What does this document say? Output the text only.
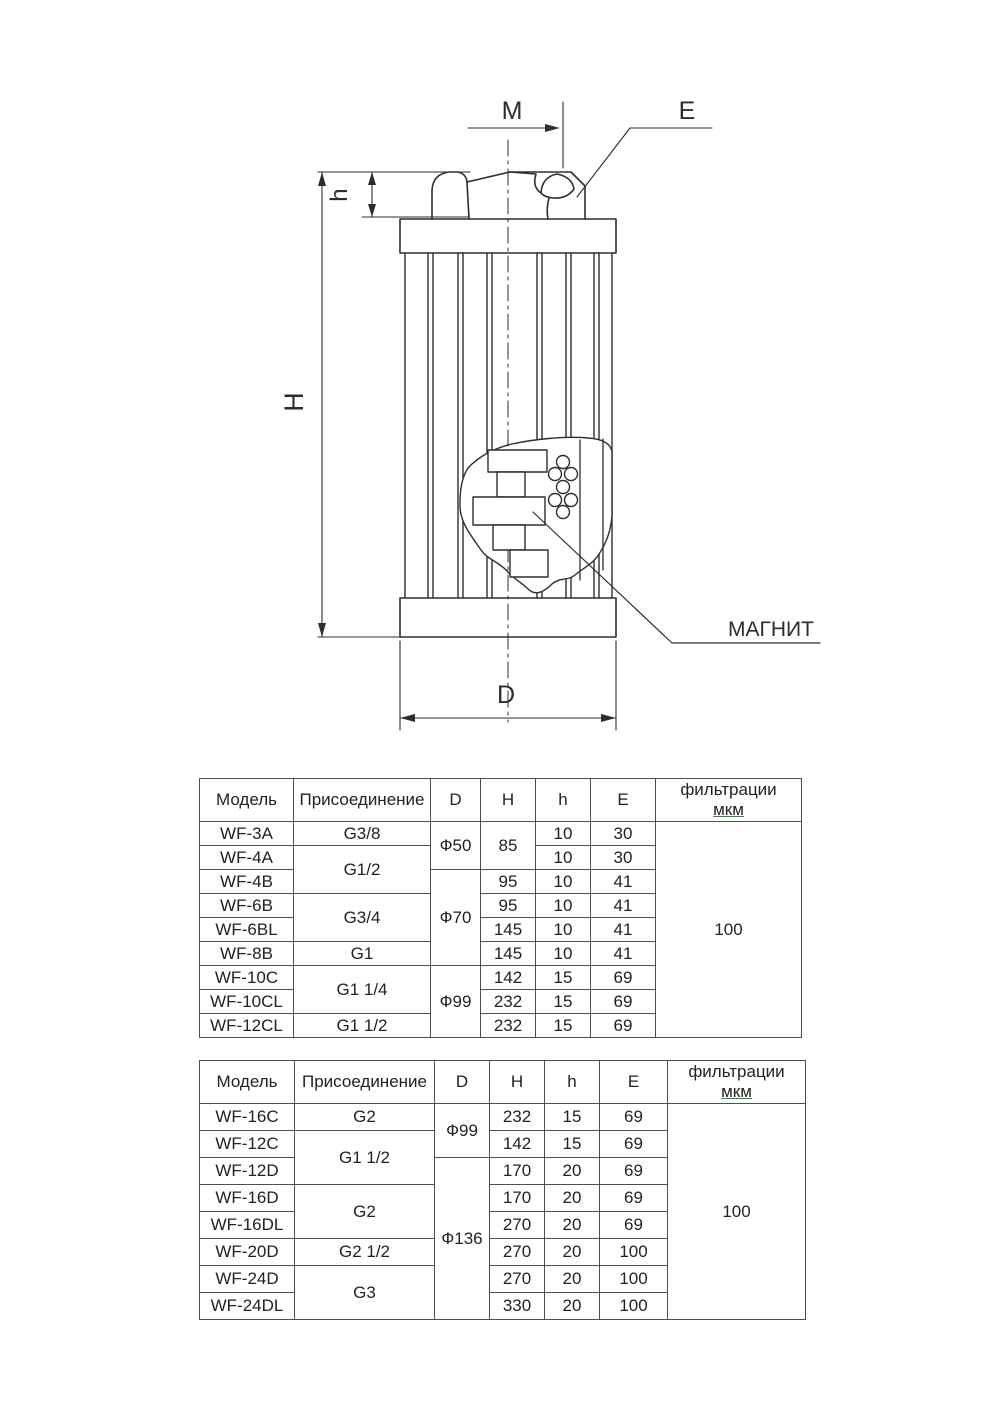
M	E
h
H
D
МАГНИТ
Модель	Присоединение	D	H	h	E	фильтрации
мкм

WF-3A	G3/8	Ф50	85	10	30	100
WF-4A	G1/2			10	30	
WF-4B		Ф70	95	10	41	
WF-6B	G3/4		95	10	41	
WF-6BL			145	10	41	
WF-8B	G1		145	10	41	
WF-10C	G1 1/4	Ф99	142	15	69	
WF-10CL			232	15	69	
WF-12CL	G1 1/2		232	15	69	
Модель	Присоединение	D	H	h	E	фильтрации
мкм

WF-16C	G2	Ф99	232	15	69	100
WF-12C	G1 1/2		142	15	69	
WF-12D		Ф136	170	20	69	
WF-16D	G2		170	20	69	
WF-16DL			270	20	69	
WF-20D	G2 1/2		270	20	100	
WF-24D	G3		270	20	100	
WF-24DL			330	20	100	
